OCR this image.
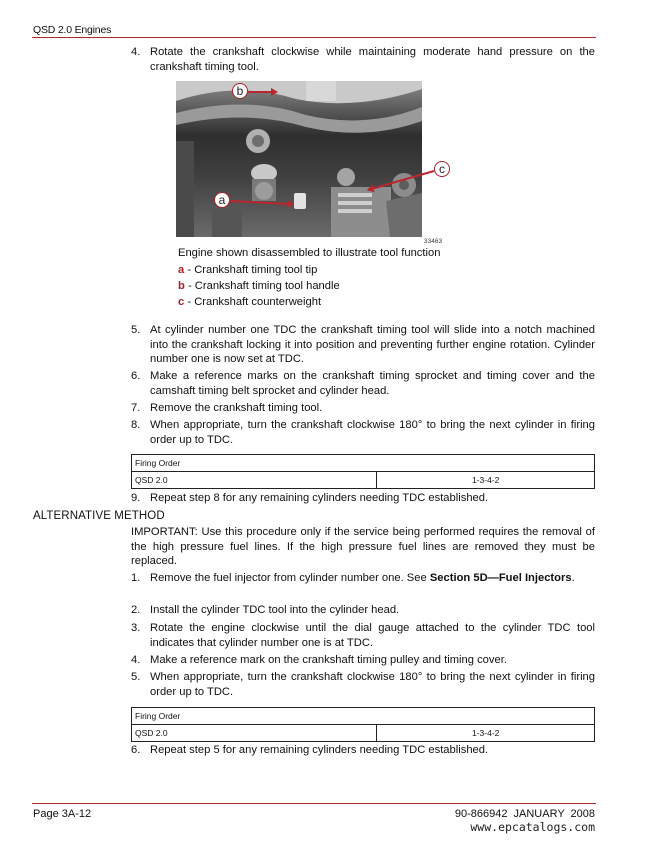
QSD 2.0 Engines
4. Rotate the crankshaft clockwise while maintaining moderate hand pressure on the crankshaft timing tool.
b
a
c
33463
Engine shown disassembled to illustrate tool function
a - Crankshaft timing tool tip
b - Crankshaft timing tool handle
c - Crankshaft counterweight
5. At cylinder number one TDC the crankshaft timing tool will slide into a notch machined into the crankshaft locking it into position and preventing further engine rotation. Cylinder number one is now set at TDC.
6. Make a reference marks on the crankshaft timing sprocket and timing cover and the camshaft timing belt sprocket and cylinder head.
7. Remove the crankshaft timing tool.
8. When appropriate, turn the crankshaft clockwise 180° to bring the next cylinder in firing order up to TDC.
Firing Order
QSD 2.0	1-3-4-2
9. Repeat step 8 for any remaining cylinders needing TDC established.
ALTERNATIVE METHOD
IMPORTANT: Use this procedure only if the service being performed requires the removal of the high pressure fuel lines. If the high pressure fuel lines are removed they must be replaced.
1. Remove the fuel injector from cylinder number one. See Section 5D—Fuel Injectors.
2. Install the cylinder TDC tool into the cylinder head.
3. Rotate the engine clockwise until the dial gauge attached to the cylinder TDC tool indicates that cylinder number one is at TDC.
4. Make a reference mark on the crankshaft timing pulley and timing cover.
5. When appropriate, turn the crankshaft clockwise 180° to bring the next cylinder in firing order up to TDC.
Firing Order
QSD 2.0	1-3-4-2
6. Repeat step 5 for any remaining cylinders needing TDC established.
Page 3A-12	90-866942 JANUARY 2008
www.epcatalogs.com
